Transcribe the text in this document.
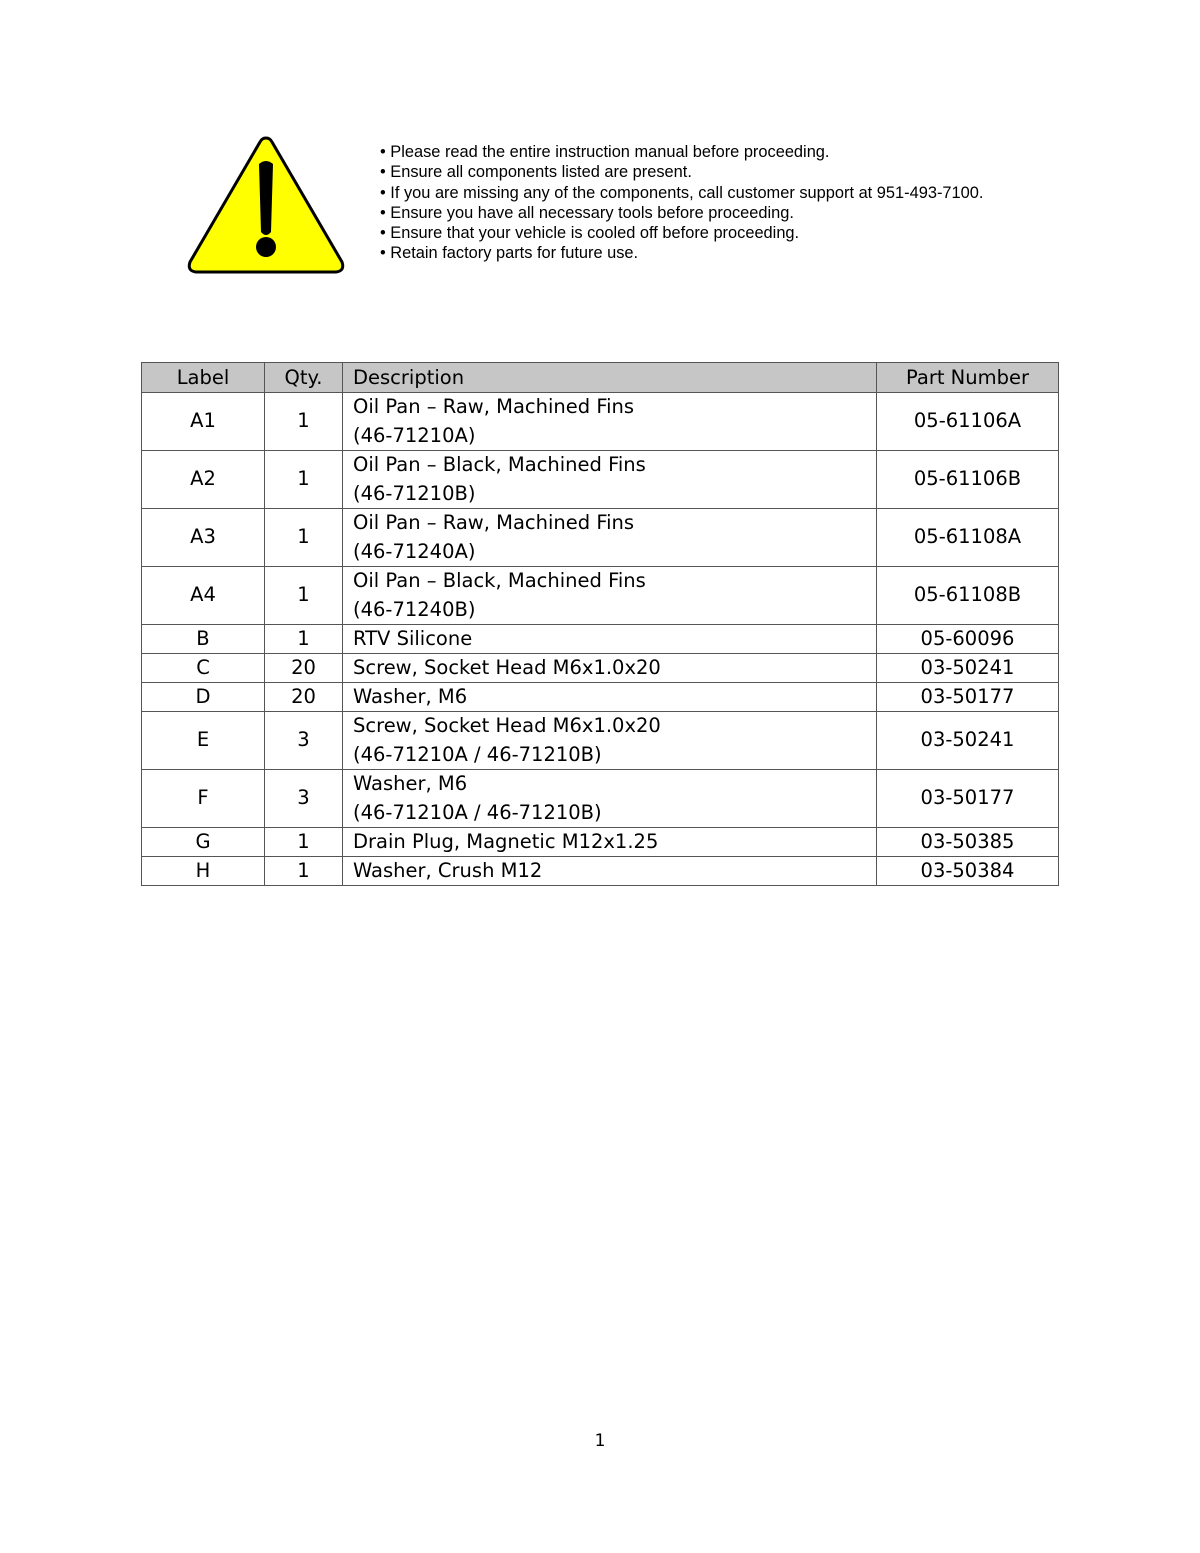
• Please read the entire instruction manual before proceeding.
• Ensure all components listed are present.
• If you are missing any of the components, call customer support at 951-493-7100.
• Ensure you have all necessary tools before proceeding.
• Ensure that your vehicle is cooled off before proceeding.
• Retain factory parts for future use.
Label	Qty.	Description	Part Number
A1	1	Oil Pan – Raw, Machined Fins
(46-71210A)	05-61106A
A2	1	Oil Pan – Black, Machined Fins
(46-71210B)	05-61106B
A3	1	Oil Pan – Raw, Machined Fins
(46-71240A)	05-61108A
A4	1	Oil Pan – Black, Machined Fins
(46-71240B)	05-61108B
B	1	RTV Silicone	05-60096
C	20	Screw, Socket Head M6x1.0x20	03-50241
D	20	Washer, M6	03-50177
E	3	Screw, Socket Head M6x1.0x20
(46-71210A / 46-71210B)	03-50241
F	3	Washer, M6
(46-71210A / 46-71210B)	03-50177
G	1	Drain Plug, Magnetic M12x1.25	03-50385
H	1	Washer, Crush M12	03-50384
1
